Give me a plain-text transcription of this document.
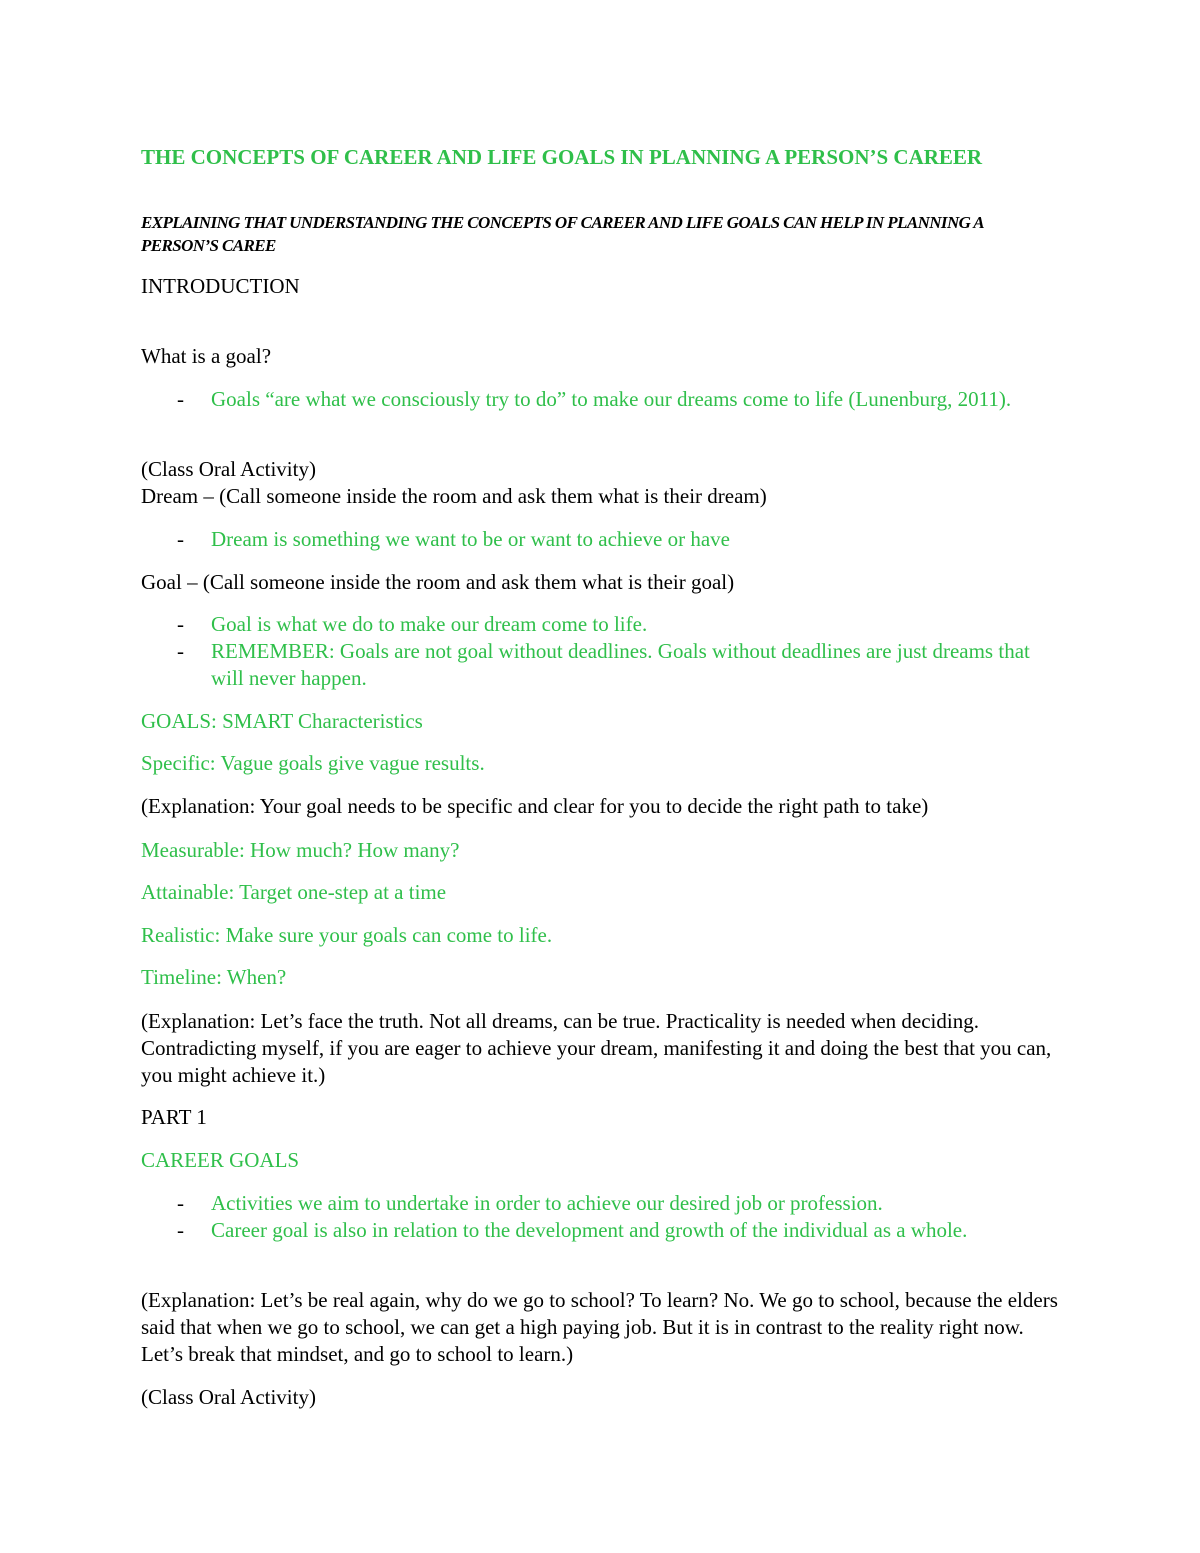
THE CONCEPTS OF CAREER AND LIFE GOALS IN PLANNING A PERSON’S CAREER

EXPLAINING THAT UNDERSTANDING THE CONCEPTS OF CAREER AND LIFE GOALS CAN HELP IN PLANNING A PERSON’S CAREE

INTRODUCTION

What is a goal?

- Goals “are what we consciously try to do” to make our dreams come to life (Lunenburg, 2011).

(Class Oral Activity)

Dream – (Call someone inside the room and ask them what is their dream)

- Dream is something we want to be or want to achieve or have

Goal – (Call someone inside the room and ask them what is their goal)

- Goal is what we do to make our dream come to life.
- REMEMBER: Goals are not goal without deadlines. Goals without deadlines are just dreams that will never happen.

GOALS: SMART Characteristics

Specific: Vague goals give vague results.

(Explanation: Your goal needs to be specific and clear for you to decide the right path to take)

Measurable: How much? How many?

Attainable: Target one-step at a time

Realistic: Make sure your goals can come to life.

Timeline: When?

(Explanation: Let’s face the truth. Not all dreams, can be true. Practicality is needed when deciding. Contradicting myself, if you are eager to achieve your dream, manifesting it and doing the best that you can, you might achieve it.)

PART 1

CAREER GOALS

- Activities we aim to undertake in order to achieve our desired job or profession.
- Career goal is also in relation to the development and growth of the individual as a whole.

(Explanation: Let’s be real again, why do we go to school? To learn? No. We go to school, because the elders said that when we go to school, we can get a high paying job. But it is in contrast to the reality right now. Let’s break that mindset, and go to school to learn.)

(Class Oral Activity)
